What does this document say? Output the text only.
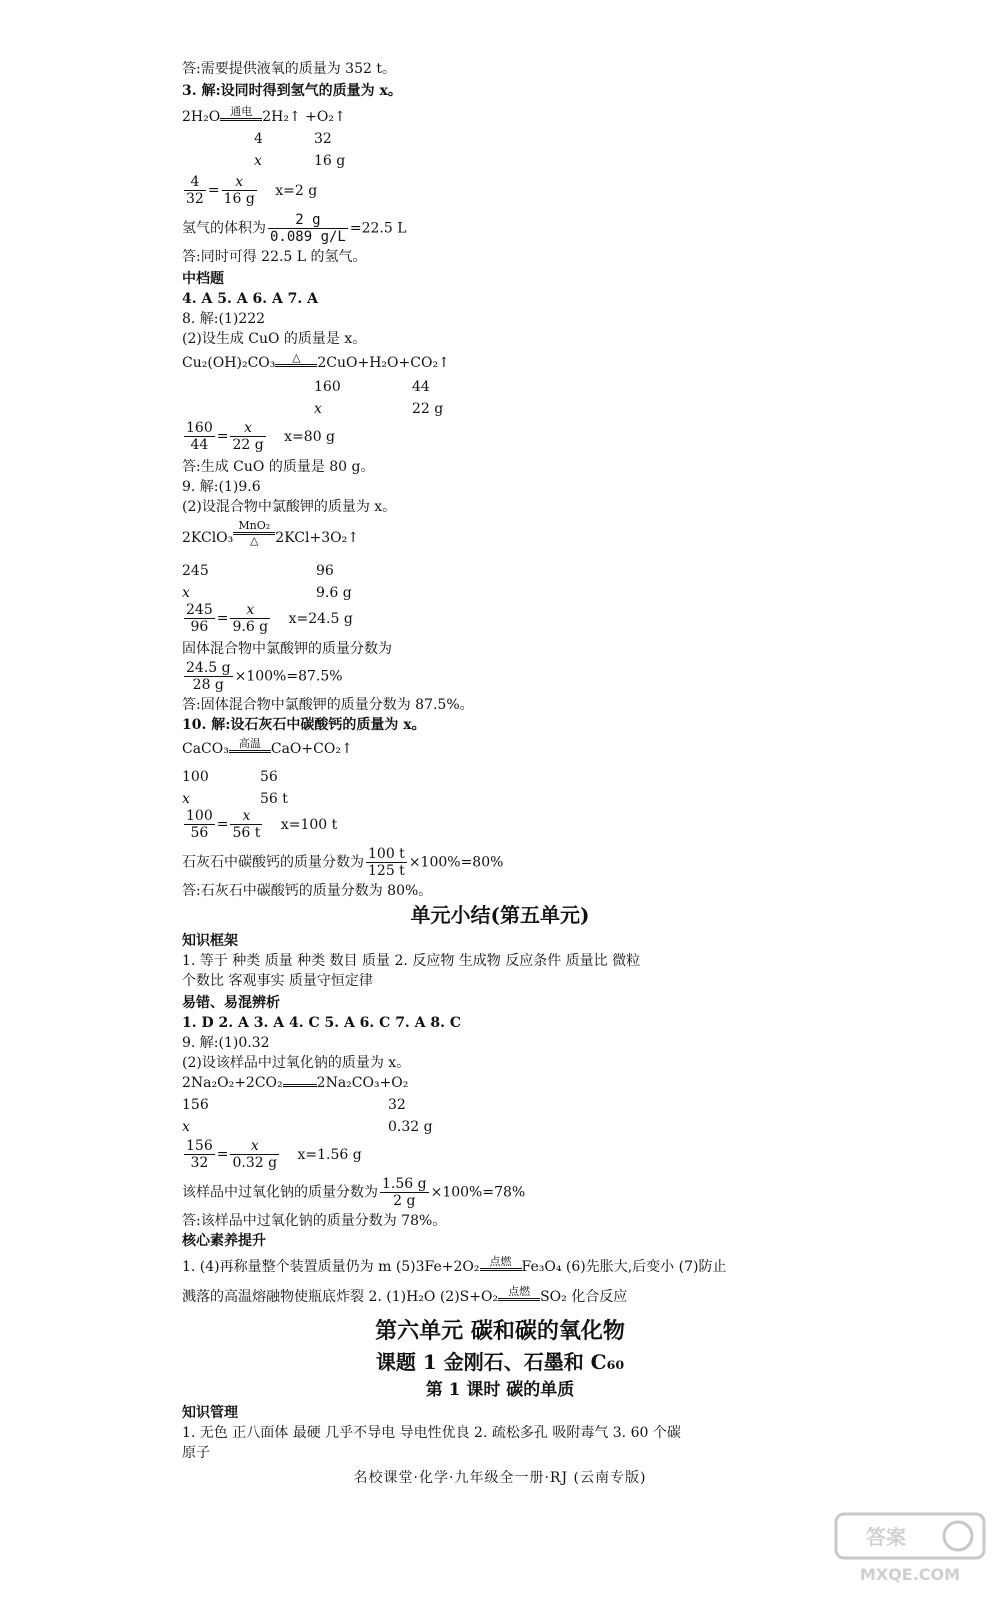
答:需要提供液氧的质量为 352 t。
3. 解:设同时得到氢气的质量为 x。
2H₂O 通电 2H₂↑ +O₂↑
4	32
x	16 g
$\frac{4}{32} = \frac{x}{16 g} x=2$ g
氢气的体积为 $\frac{2 g}{0.089 g/L} =22.5$ L
答:同时可得 22.5 L 的氢气。
中档题
4. A 5. A 6. A 7. A
8. 解:(1)222
(2)设生成 CuO 的质量是 x。
Cu₂(OH)₂CO₃	△	2CuO+H₂O+CO₂↑
160	44
x	22 g
$\frac{160}{44} = \frac{x}{22 g} x=80$ g
答:生成 CuO 的质量是 80 g。
9. 解:(1)9.6
(2)设混合物中氯酸钾的质量为 x。
2KClO₃
MnO₂
△	2KCl+3O₂↑
245	96
x	9.6 g
$\frac{245}{96} = \frac{x}{9.6 g} x=24.5$ g
固体混合物中氯酸钾的质量分数为
$\frac{24.5 g}{28 g} \times 100\%=87.5\%$
答:固体混合物中氯酸钾的质量分数为 87.5%。
10. 解:设石灰石中碳酸钙的质量为 x。
CaCO₃ 高温 CaO+CO₂↑
100	56
x	56 t
$\frac{100}{56} = \frac{x}{56 t} x=100$ t
石灰石中碳酸钙的质量分数为 $\frac{100 t}{125 t} \times 100\%=80\%$
答:石灰石中碳酸钙的质量分数为 80%。
单元小结(第五单元)
知识框架
1. 等于 种类 质量 种类 数目 质量 2. 反应物 生成物 反应条件 质量比 微粒
个数比 客观事实 质量守恒定律
易错、易混辨析
1. D 2. A 3. A 4. C 5. A 6. C 7. A 8. C
9. 解:(1)0.32
(2)设该样品中过氧化钠的质量为 x。
2Na₂O₂+2CO₂ 2Na₂CO₃+O₂
156	32
x	0.32 g
$\frac{156}{32} = \frac{x}{0.32 g} x=1.56$ g
该样品中过氧化钠的质量分数为 $\frac{1.56 g}{2 g} \times 100\%=78\%$
答:该样品中过氧化钠的质量分数为 78%。
核心素养提升
1. (4)再称量整个装置质量仍为 m (5)3Fe+2O₂ 点燃 Fe₃O₄ (6)先胀大,后变小 (7)防止
溅落的高温熔融物使瓶底炸裂 2. (1)H₂O (2)S+O₂ 点燃 SO₂ 化合反应
第六单元 碳和碳的氧化物
课题 1 金刚石、石墨和 C₆₀
第 1 课时 碳的单质
知识管理
1. 无色 正八面体 最硬 几乎不导电 导电性优良 2. 疏松多孔 吸附毒气 3. 60 个碳
原子
名校课堂·化学·九年级全一册·RJ (云南专版)
答案
MXQE.COM
